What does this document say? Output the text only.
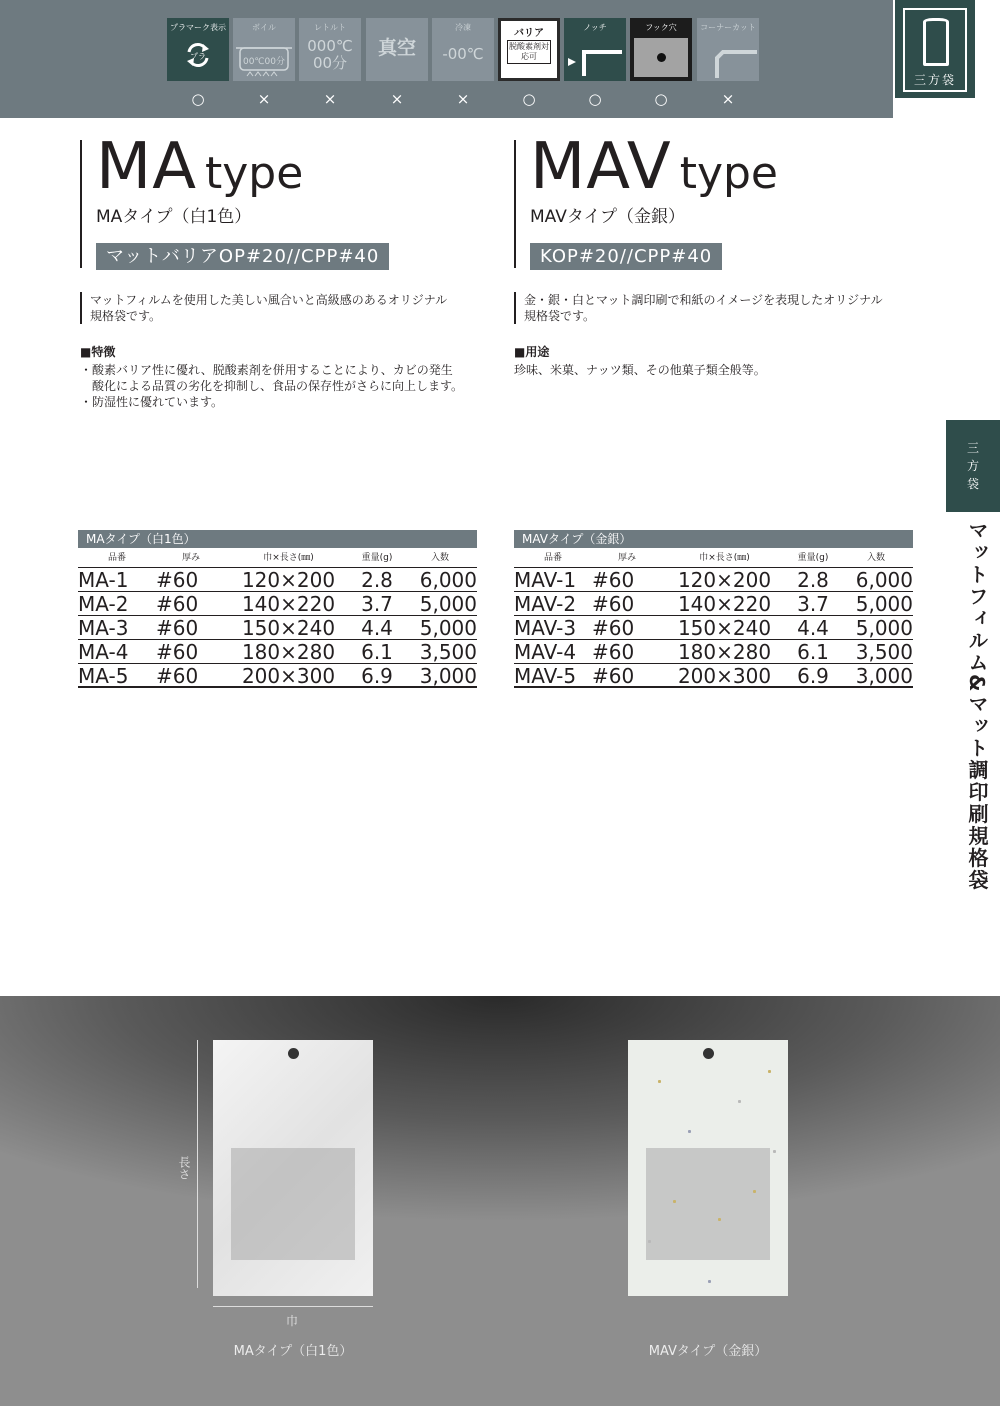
プラマーク表示
プラ
ボイル
00℃00分
レトルト
000℃
00分
真空
冷凍
-00℃
バリア
脱酸素剤対応可
ノッチ	フック穴	コーナーカット
○	×	×	×	×	○	○	○	×
三方袋
三
方
袋
マットフィルム&マット調印刷規格袋
MA type
MAタイプ（白1色）
マットバリアOP#20//CPP#40
マットフィルムを使用した美しい風合いと高級感のあるオリジナル
規格袋です。
■特徴
・酸素バリア性に優れ、脱酸素剤を併用することにより、カビの発生
　酸化による品質の劣化を抑制し、食品の保存性がさらに向上します。
・防湿性に優れています。
MAV type
MAVタイプ（金銀）
KOP#20//CPP#40
金・銀・白とマット調印刷で和紙のイメージを表現したオリジナル
規格袋です。
■用途
珍味、米菓、ナッツ類、その他菓子類全般等。
MAタイプ（白1色）
品番	厚み	巾×長さ(㎜)	重量(g)	入数
MA-1	#60	120×200	2.8	6,000
MA-2	#60	140×220	3.7	5,000
MA-3	#60	150×240	4.4	5,000
MA-4	#60	180×280	6.1	3,500
MA-5	#60	200×300	6.9	3,000
MAVタイプ（金銀）
品番	厚み	巾×長さ(㎜)	重量(g)	入数
MAV-1 #60	120×200	2.8	6,000
MAV-2 #60	140×220	3.7	5,000
MAV-3 #60	150×240	4.4	5,000
MAV-4 #60	180×280	6.1	3,500
MAV-5 #60	200×300	6.9	3,000
長さ
巾
MAタイプ（白1色）	MAVタイプ（金銀）
